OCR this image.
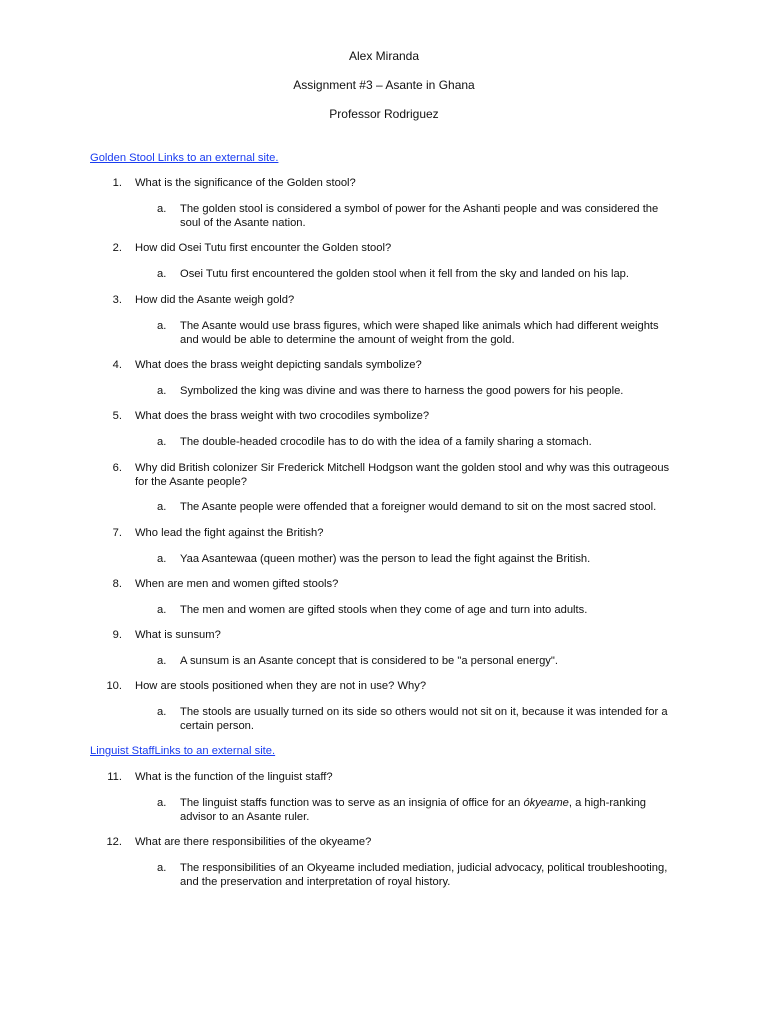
Alex Miranda
Assignment #3 – Asante in Ghana
Professor Rodriguez
Golden Stool Links to an external site.
1. What is the significance of the Golden stool?
a. The golden stool is considered a symbol of power for the Ashanti people and was considered the soul of the Asante nation.
2. How did Osei Tutu first encounter the Golden stool?
a. Osei Tutu first encountered the golden stool when it fell from the sky and landed on his lap.
3. How did the Asante weigh gold?
a. The Asante would use brass figures, which were shaped like animals which had different weights and would be able to determine the amount of weight from the gold.
4. What does the brass weight depicting sandals symbolize?
a. Symbolized the king was divine and was there to harness the good powers for his people.
5. What does the brass weight with two crocodiles symbolize?
a. The double-headed crocodile has to do with the idea of a family sharing a stomach.
6. Why did British colonizer Sir Frederick Mitchell Hodgson want the golden stool and why was this outrageous for the Asante people?
a. The Asante people were offended that a foreigner would demand to sit on the most sacred stool.
7. Who lead the fight against the British?
a. Yaa Asantewaa (queen mother) was the person to lead the fight against the British.
8. When are men and women gifted stools?
a. The men and women are gifted stools when they come of age and turn into adults.
9. What is sunsum?
a. A sunsum is an Asante concept that is considered to be "a personal energy".
10. How are stools positioned when they are not in use? Why?
a. The stools are usually turned on its side so others would not sit on it, because it was intended for a certain person.
Linguist StaffLinks to an external site.
11. What is the function of the linguist staff?
a. The linguist staffs function was to serve as an insignia of office for an ókyeame, a high-ranking advisor to an Asante ruler.
12. What are there responsibilities of the okyeame?
a. The responsibilities of an Okyeame included mediation, judicial advocacy, political troubleshooting, and the preservation and interpretation of royal history.
